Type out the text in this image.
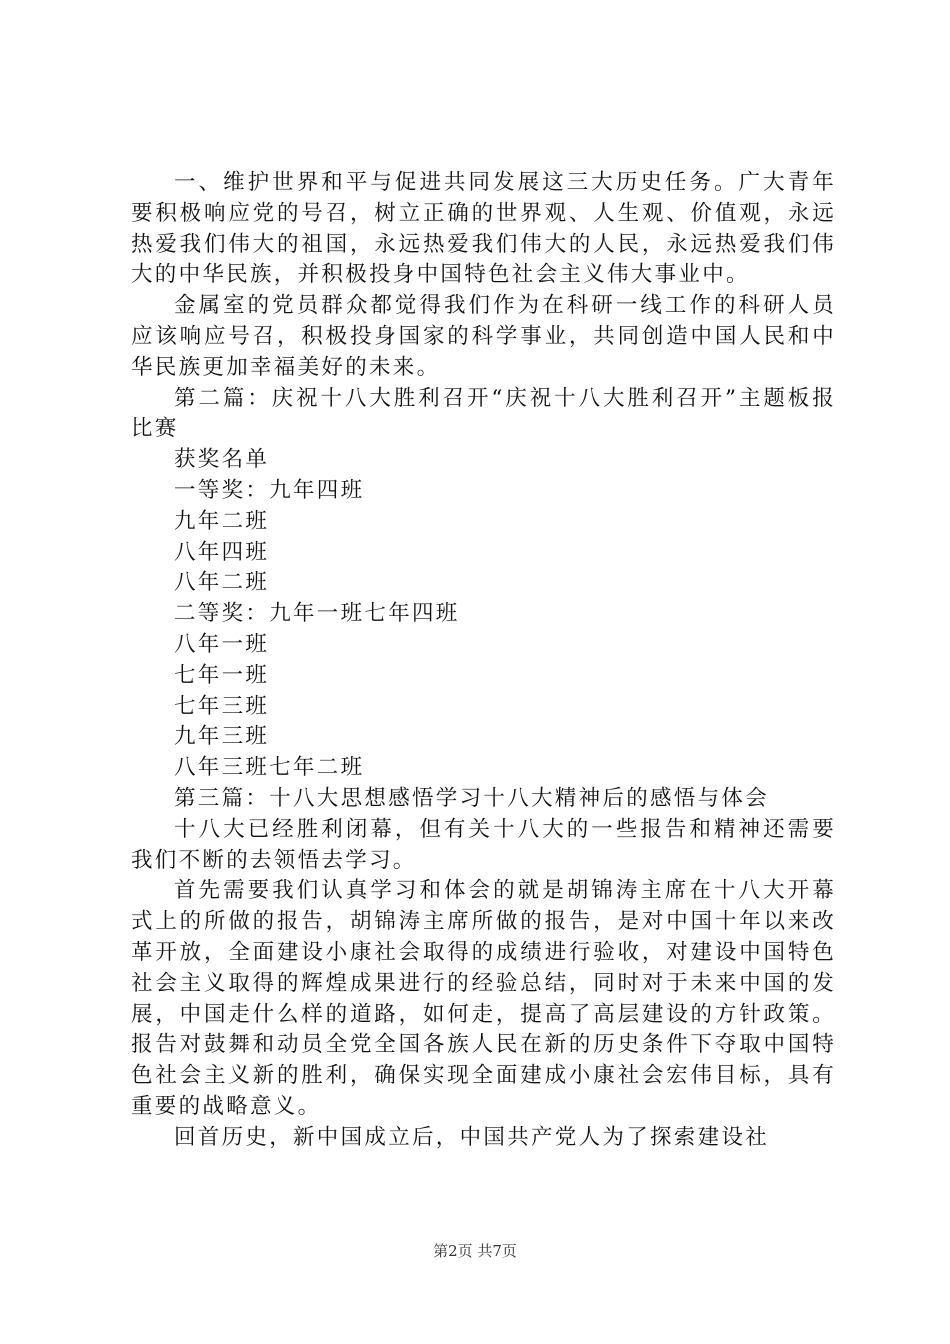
一、维护世界和平与促进共同发展这三大历史任务。广大青年要积极响应党的号召，树立正确的世界观、人生观、价值观，永远热爱我们伟大的祖国，永远热爱我们伟大的人民，永远热爱我们伟大的中华民族，并积极投身中国特色社会主义伟大事业中。

金属室的党员群众都觉得我们作为在科研一线工作的科研人员应该响应号召，积极投身国家的科学事业，共同创造中国人民和中华民族更加幸福美好的未来。

第二篇：庆祝十八大胜利召开“庆祝十八大胜利召开”主题板报比赛

获奖名单

一等奖：九年四班

九年二班

八年四班

八年二班

二等奖：九年一班七年四班

八年一班

七年一班

七年三班

九年三班

八年三班七年二班

第三篇：十八大思想感悟学习十八大精神后的感悟与体会

十八大已经胜利闭幕，但有关十八大的一些报告和精神还需要我们不断的去领悟去学习。

首先需要我们认真学习和体会的就是胡锦涛主席在十八大开幕式上的所做的报告，胡锦涛主席所做的报告，是对中国十年以来改革开放，全面建设小康社会取得的成绩进行验收，对建设中国特色社会主义取得的辉煌成果进行的经验总结，同时对于未来中国的发展，中国走什么样的道路，如何走，提高了高层建设的方针政策。报告对鼓舞和动员全党全国各族人民在新的历史条件下夺取中国特色社会主义新的胜利，确保实现全面建成小康社会宏伟目标，具有重要的战略意义。

回首历史，新中国成立后，中国共产党人为了探索建设社

第2页 共7页
